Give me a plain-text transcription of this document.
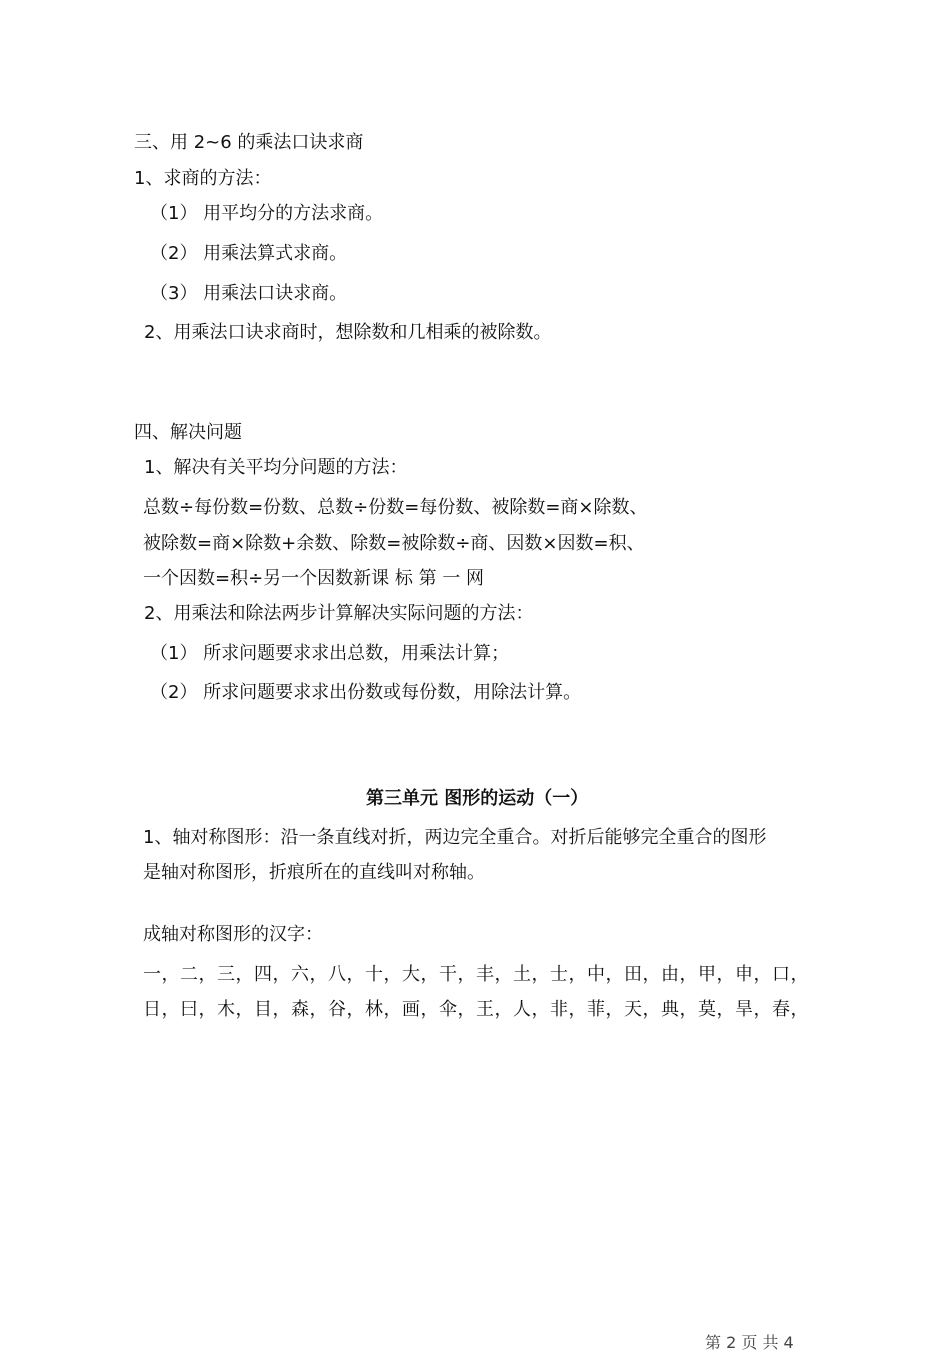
三、用 2~6 的乘法口诀求商
1、求商的方法：
（1） 用平均分的方法求商。
（2） 用乘法算式求商。
（3） 用乘法口诀求商。
2、用乘法口诀求商时，想除数和几相乘的被除数。
四、解决问题
1、解决有关平均分问题的方法：
总数÷每份数=份数、总数÷份数=每份数、被除数=商×除数、
被除数=商×除数+余数、除数=被除数÷商、因数×因数=积、
一个因数=积÷另一个因数新课 标 第 一 网
2、用乘法和除法两步计算解决实际问题的方法：
（1） 所求问题要求求出总数，用乘法计算；
（2） 所求问题要求求出份数或每份数，用除法计算。
第三单元 图形的运动（一）
1、轴对称图形：沿一条直线对折，两边完全重合。对折后能够完全重合的图形
是轴对称图形，折痕所在的直线叫对称轴。
成轴对称图形的汉字：
一，二，三，四，六，八，十，大，干，丰，土，士，中，田，由，甲，申，口，
日，曰，木，目，森，谷，林，画，伞，王，人，非，菲，天，典，莫，旱，春，
第 2 页 共 4
